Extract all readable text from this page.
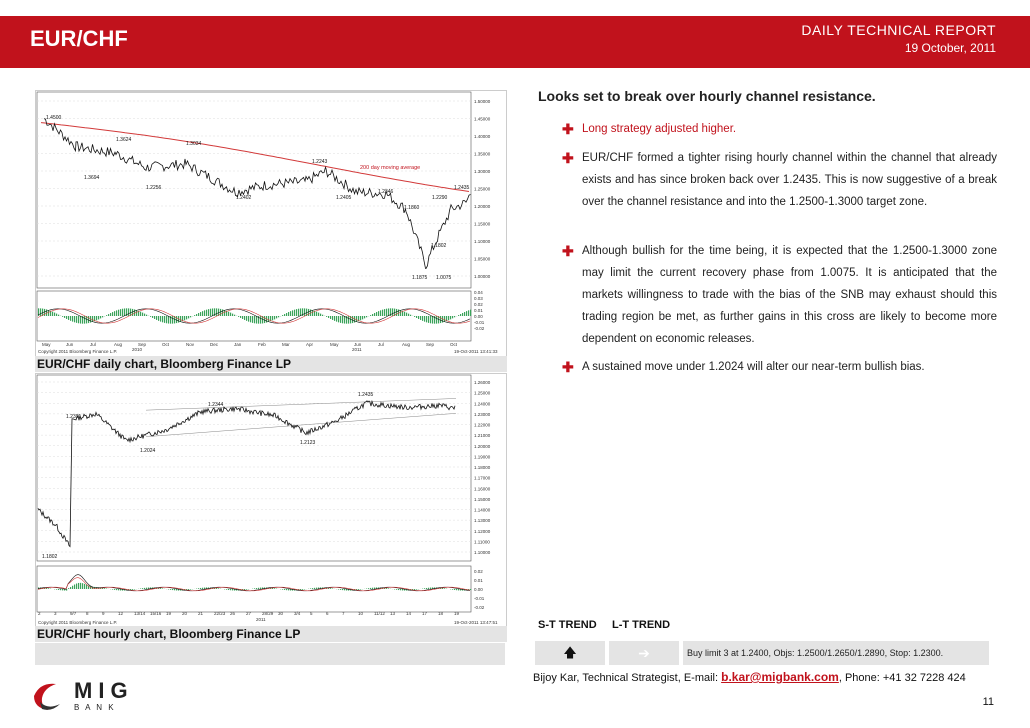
EUR/CHF	DAILY TECHNICAL REPORT
19 October, 2011
1.4500
1.3624
1.3034
1.3694
1.2256
1.2402
1.2243
1.2405
1.2346
1.1860
1.1875
1.2290
1.2435
1.1802
1.0075
1.50000
1.45000
1.40000
1.35000
1.30000
1.25000
1.20000
1.15000
1.10000
1.05000
1.00000
0.04
0.03
0.02
0.01
0.00
-0.01
-0.02
May	Jun	Jul	Aug	Sep	Oct	Nov	Dec	Jan	Feb	Mar	Apr	May	Jun	Jul	Aug	Sep	Oct
2010	2011
200 day moving average
Copyright 2011 Bloomberg Finance L.P.	19-Oct-2011 13:41:33
EUR/CHF daily chart, Bloomberg Finance LP
1.2391
1.2344
1.2024
1.2435
1.2123
1.1802
1.26000
1.25000
1.24000
1.23000
1.22000
1.21000
1.20000
1.19000
1.18000
1.17000
1.16000
1.15000
1.14000
1.13000
1.12000
1.11000
1.10000
0.02
0.01
0.00
-0.01
-0.02
2	3	9/7 8	9	12 13/14 15/16 19 20 21 22/23 26 27 28/29 30 3/4 5	6	7	10 11/12 13 14 17 18 19
2011
Copyright 2011 Bloomberg Finance L.P.	19-Oct-2011 13:47:51
EUR/CHF hourly chart, Bloomberg Finance LP
Looks set to break over hourly channel resistance.
✚ Long strategy adjusted higher.
✚ EUR/CHF formed a tighter rising hourly channel within the channel that already exists and has since broken back over 1.2435. This is now suggestive of a break over the channel resistance and into the 1.2500-1.3000 target zone.
✚ Although bullish for the time being, it is expected that the 1.2500-1.3000 zone may limit the current recovery phase from 1.0075. It is anticipated that the markets willingness to trade with the bias of the SNB may exhaust should this trading region be met, as further gains in this cross are likely to become more dependent on economic releases.
✚ A sustained move under 1.2024 will alter our near-term bullish bias.
S-T TREND L-T TREND
🡅	➔	Buy limit 3 at 1.2400, Objs: 1.2500/1.2650/1.2890, Stop: 1.2300.
Bijoy Kar, Technical Strategist, E-mail: b.kar@migbank.com, Phone: +41 32 7228 424
11
MIG
B A N K
